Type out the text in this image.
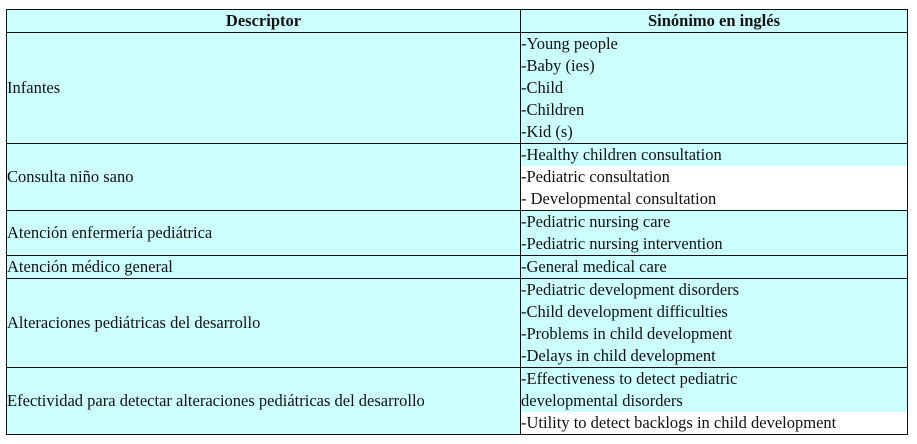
Descriptor	Sinónimo en inglés
Infantes	-Young people
-Baby (ies)
-Child
-Children
-Kid (s)

Consulta niño sano	-Healthy children consultation
-Pediatric consultation
- Developmental consultation

Atención enfermería pediátrica	-Pediatric nursing care
-Pediatric nursing intervention

Atención médico general	-General medical care

Alteraciones pediátricas del desarrollo	-Pediatric development disorders
-Child development difficulties
-Problems in child development
-Delays in child development

Efectividad para detectar alteraciones pediátricas del desarrollo	-Effectiveness to detect pediatric
developmental disorders
-Utility to detect backlogs in child development
